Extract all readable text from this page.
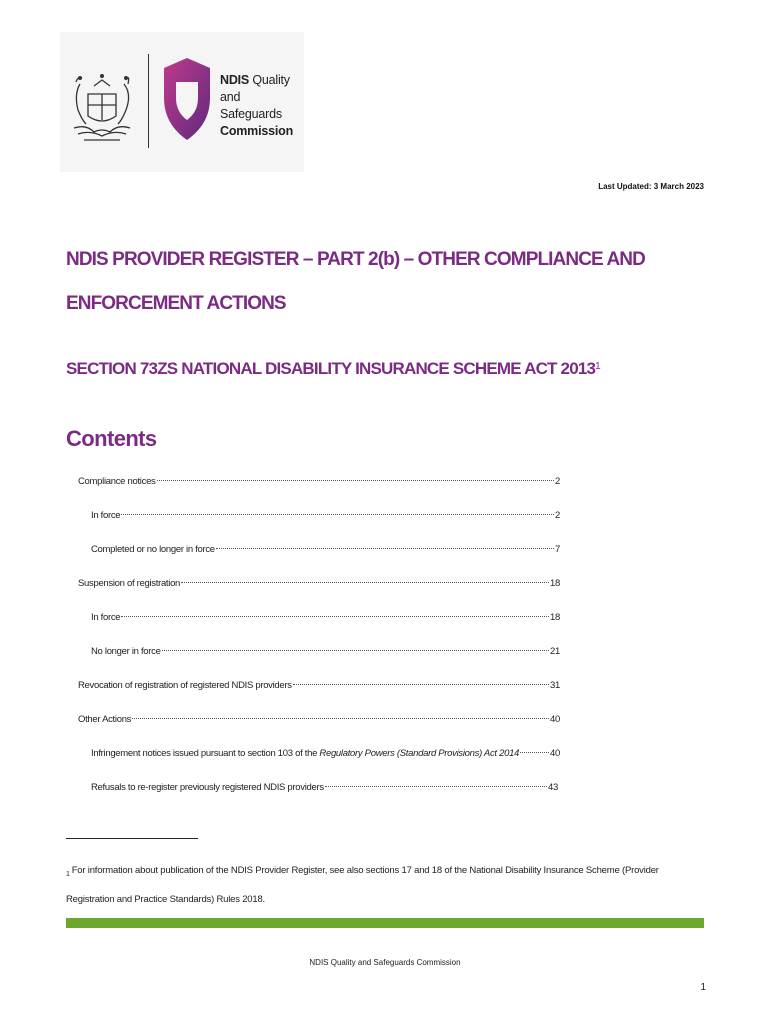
NDIS Quality
and Safeguards
Commission
Last Updated: 3 March 2023
NDIS PROVIDER REGISTER – PART 2(b) – OTHER COMPLIANCE AND ENFORCEMENT ACTIONS
SECTION 73ZS NATIONAL DISABILITY INSURANCE SCHEME ACT 2013$^1$
Contents
Compliance notices	2
In force	2
Completed or no longer in force	7
Suspension of registration	18
In force	18
No longer in force	21
Revocation of registration of registered NDIS providers	31
Other Actions	40
Infringement notices issued pursuant to section 103 of the Regulatory Powers (Standard Provisions) Act 2014	40
Refusals to re-register previously registered NDIS providers	43

$^1$ For information about publication of the NDIS Provider Register, see also sections 17 and 18 of the National Disability Insurance Scheme (Provider Registration and Practice Standards) Rules 2018.

NDIS Quality and Safeguards Commission
1
